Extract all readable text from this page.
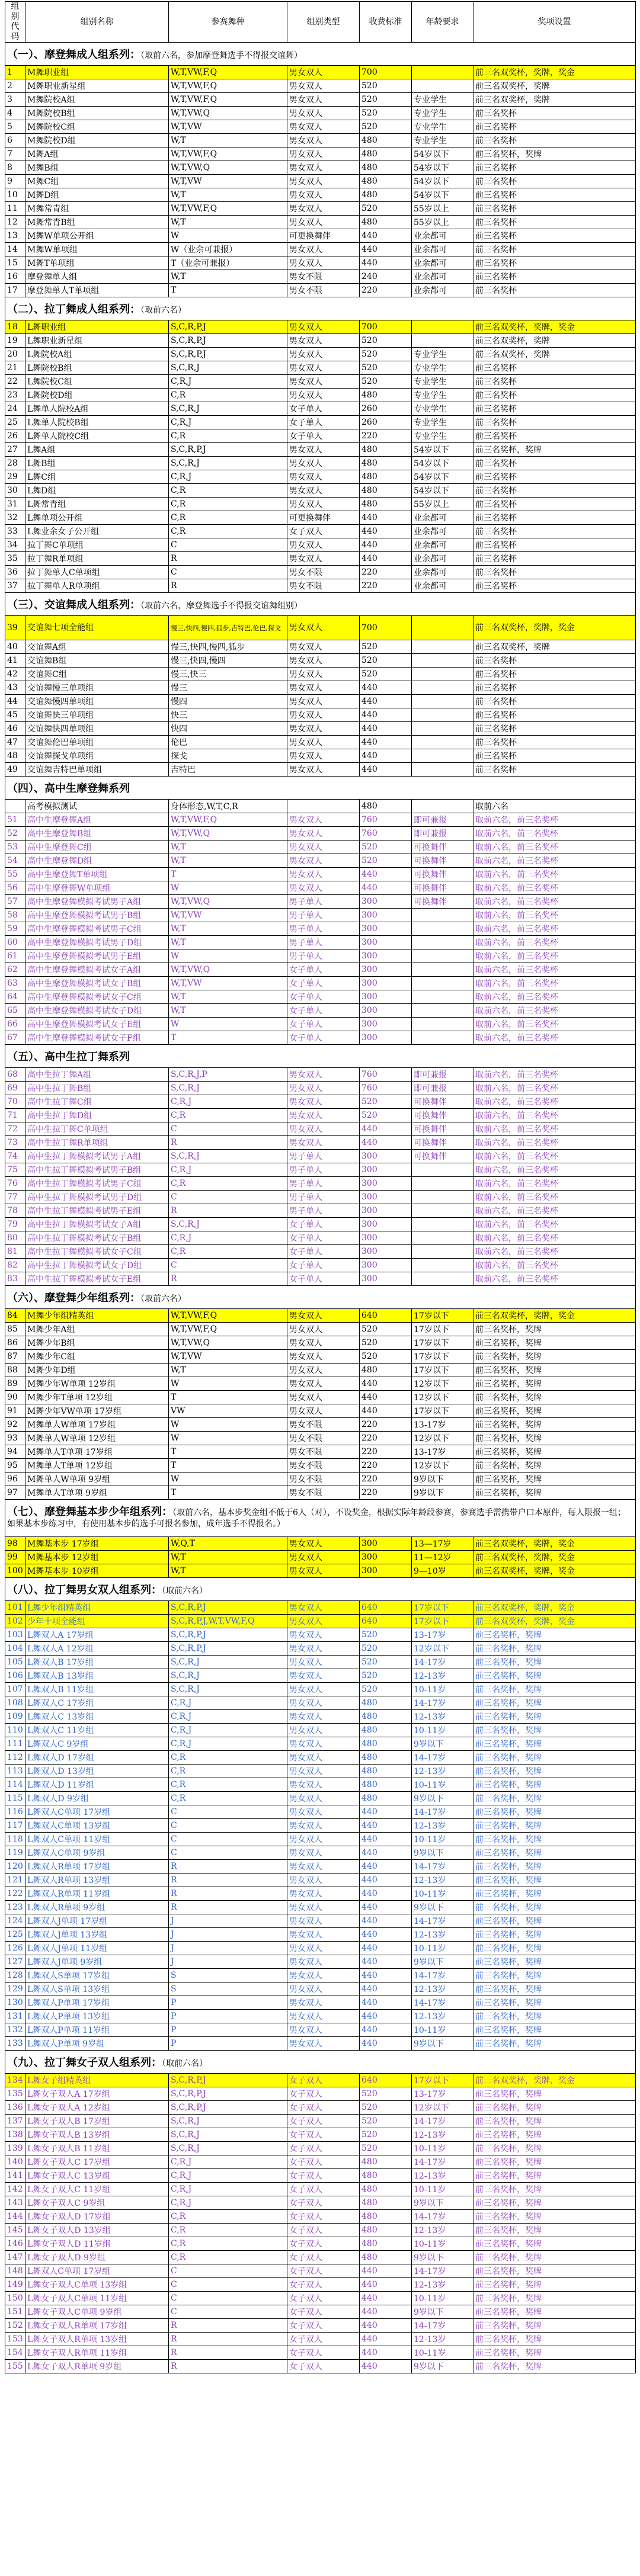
组别代码	组别名称	参赛舞种	组别类型	收费标准	年龄要求	奖项设置
（一）、摩登舞成人组系列：（取前六名，参加摩登舞选手不得报交谊舞）						
1	M舞职业组	W,T,VW,F,Q	男女双人	700		前三名双奖杯，奖牌，奖金
2	M舞职业新星组	W,T,VW,F,Q	男女双人	520		前三名双奖杯，奖牌
3	M舞院校A组	W,T,VW,F,Q	男女双人	520	专业学生	前三名双奖杯，奖牌
4	M舞院校B组	W,T,VW,Q	男女双人	520	专业学生	前三名奖杯
5	M舞院校C组	W,T,VW	男女双人	520	专业学生	前三名奖杯
6	M舞院校D组	W,T	男女双人	480	专业学生	前三名奖杯
7	M舞A组	W,T,VW,F,Q	男女双人	480	54岁以下	前三名奖杯，奖牌
8	M舞B组	W,T,VW,Q	男女双人	480	54岁以下	前三名奖杯
9	M舞C组	W,T,VW	男女双人	480	54岁以下	前三名奖杯
10	M舞D组	W,T	男女双人	480	54岁以下	前三名奖杯
11	M舞常青组	W,T,VW,F,Q	男女双人	520	55岁以上	前三名奖杯
12	M舞常青B组	W,T	男女双人	480	55岁以上	前三名奖杯
13	M舞W单项公开组	W	可更换舞伴	440	业余都可	前三名奖杯
14	M舞W单项组	W（业余可兼报）	男女双人	440	业余都可	前三名奖杯
15	M舞T单项组	T（业余可兼报）	男女双人	440	业余都可	前三名奖杯
16	摩登舞单人组	W,T	男女不限	240	业余都可	前三名奖杯
17	摩登舞单人T单项组	T	男女不限	220	业余都可	前三名奖杯
（二）、拉丁舞成人组系列：（取前六名）						
18	L舞职业组	S,C,R,P,J	男女双人	700		前三名双奖杯，奖牌，奖金
19	L舞职业新星组	S,C,R,P,J	男女双人	520		前三名双奖杯，奖牌
20	L舞院校A组	S,C,R,P,J	男女双人	520	专业学生	前三名双奖杯，奖牌
21	L舞院校B组	S,C,R,J	男女双人	520	专业学生	前三名奖杯
22	L舞院校C组	C,R,J	男女双人	520	专业学生	前三名奖杯
23	L舞院校D组	C,R	男女双人	480	专业学生	前三名奖杯
24	L舞单人院校A组	S,C,R,J	女子单人	260	专业学生	前三名奖杯
25	L舞单人院校B组	C,R,J	女子单人	260	专业学生	前三名奖杯
26	L舞单人院校C组	C,R	女子单人	220	专业学生	前三名奖杯
27	L舞A组	S,C,R,P,J	男女双人	480	54岁以下	前三名奖杯，奖牌
28	L舞B组	S,C,R,J	男女双人	480	54岁以下	前三名奖杯
29	L舞C组	C,R,J	男女双人	480	54岁以下	前三名奖杯
30	L舞D组	C,R	男女双人	480	54岁以下	前三名奖杯
31	L舞常青组	C,R	男女双人	480	55岁以上	前三名奖杯
32	L舞单项公开组	C,R	可更换舞伴	440	业余都可	前三名奖杯
33	L舞业余女子公开组	C,R	女子双人	440	业余都可	前三名奖杯
34	拉丁舞C单项组	C	男女双人	440	业余都可	前三名奖杯
35	拉丁舞R单项组	R	男女双人	440	业余都可	前三名奖杯
36	拉丁舞单人C单项组	C	男女不限	220	业余都可	前三名奖杯
37	拉丁舞单人R单项组	R	男女不限	220	业余都可	前三名奖杯
（三）、交谊舞成人组系列：（取前六名，摩登舞选手不得报交谊舞组别）						
39	交谊舞七项全能组	慢三,快四,慢四,狐步,吉特巴,伦巴,探戈	男女双人	700		前三名双奖杯，奖牌，奖金
40	交谊舞A组	慢三,快四,慢四,狐步	男女双人	520		前三名双奖杯，奖牌
41	交谊舞B组	慢三,快四,慢四	男女双人	520		前三名奖杯
42	交谊舞C组	慢三,快三	男女双人	520		前三名奖杯
43	交谊舞慢三单项组	慢三	男女双人	440		前三名奖杯
44	交谊舞慢四单项组	慢四	男女双人	440		前三名奖杯
45	交谊舞快三单项组	快三	男女双人	440		前三名奖杯
46	交谊舞快四单项组	快四	男女双人	440		前三名奖杯
47	交谊舞伦巴单项组	伦巴	男女双人	440		前三名奖杯
48	交谊舞探戈单项组	探戈	男女双人	440		前三名奖杯
49	交谊舞吉特巴单项组	吉特巴	男女双人	440		前三名奖杯
（四）、高中生摩登舞系列						
	高考模拟测试	身体形态,W,T,C,R		480		取前六名
51	高中生摩登舞A组	W,T,VW,F,Q	男女双人	760	即可兼报	取前六名，前三名奖杯
52	高中生摩登舞B组	W,T,VW,Q	男女双人	760	即可兼报	取前六名，前三名奖杯
53	高中生摩登舞C组	W,T	男女双人	520	可换舞伴	取前六名，前三名奖杯
54	高中生摩登舞D组	W,T	男女双人	520	可换舞伴	取前六名，前三名奖杯
55	高中生摩登舞T单项组	T	男女双人	440	可换舞伴	取前六名，前三名奖杯
56	高中生摩登舞W单项组	W	男女双人	440	可换舞伴	取前六名，前三名奖杯
57	高中生摩登舞模拟考试男子A组	W,T,VW,Q	男子单人	300	可换舞伴	取前六名，前三名奖杯
58	高中生摩登舞模拟考试男子B组	W,T,VW	男子单人	300		取前六名，前三名奖杯
59	高中生摩登舞模拟考试男子C组	W,T	男子单人	300		取前六名，前三名奖杯
60	高中生摩登舞模拟考试男子D组	W,T	男子单人	300		取前六名，前三名奖杯
61	高中生摩登舞模拟考试男子E组	W	男子单人	300		取前六名，前三名奖杯
62	高中生摩登舞模拟考试女子A组	W,T,VW,Q	女子单人	300		取前六名，前三名奖杯
63	高中生摩登舞模拟考试女子B组	W,T,VW	女子单人	300		取前六名，前三名奖杯
64	高中生摩登舞模拟考试女子C组	W,T	女子单人	300		取前六名，前三名奖杯
65	高中生摩登舞模拟考试女子D组	W,T	女子单人	300		取前六名，前三名奖杯
66	高中生摩登舞模拟考试女子E组	W	女子单人	300		取前六名，前三名奖杯
67	高中生摩登舞模拟考试女子F组	T	女子单人	300		取前六名，前三名奖杯
（五）、高中生拉丁舞系列						
68	高中生拉丁舞A组	S,C,R,J,P	男女双人	760	即可兼报	取前六名，前三名奖杯
69	高中生拉丁舞B组	S,C,R,J	男女双人	760	即可兼报	取前六名，前三名奖杯
70	高中生拉丁舞C组	C,R,J	男女双人	520	可换舞伴	取前六名，前三名奖杯
71	高中生拉丁舞D组	C,R	男女双人	520	可换舞伴	取前六名，前三名奖杯
72	高中生拉丁舞C单项组	C	男女双人	440	可换舞伴	取前六名，前三名奖杯
73	高中生拉丁舞R单项组	R	男女双人	440	可换舞伴	取前六名，前三名奖杯
74	高中生拉丁舞模拟考试男子A组	S,C,R,J	男子单人	300	可换舞伴	取前六名，前三名奖杯
75	高中生拉丁舞模拟考试男子B组	C,R,J	男子单人	300		取前六名，前三名奖杯
76	高中生拉丁舞模拟考试男子C组	C,R	男子单人	300		取前六名，前三名奖杯
77	高中生拉丁舞模拟考试男子D组	C	男子单人	300		取前六名，前三名奖杯
78	高中生拉丁舞模拟考试男子E组	R	男子单人	300		取前六名，前三名奖杯
79	高中生拉丁舞模拟考试女子A组	S,C,R,J	女子单人	300		取前六名，前三名奖杯
80	高中生拉丁舞模拟考试女子B组	C,R,J	女子单人	300		取前六名，前三名奖杯
81	高中生拉丁舞模拟考试女子C组	C,R	女子单人	300		取前六名，前三名奖杯
82	高中生拉丁舞模拟考试女子D组	C	女子单人	300		取前六名，前三名奖杯
83	高中生拉丁舞模拟考试女子E组	R	女子单人	300		取前六名，前三名奖杯
（六）、摩登舞少年组系列：（取前六名）						
84	M舞少年组精英组	W,T,VW,F,Q	男女双人	640	17岁以下	前三名双奖杯，奖牌，奖金
85	M舞少年A组	W,T,VW,F,Q	男女双人	520	17岁以下	前三名奖杯，奖牌
86	M舞少年B组	W,T,VW,Q	男女双人	520	17岁以下	前三名奖杯，奖牌
87	M舞少年C组	W,T,VW	男女双人	520	17岁以下	前三名奖杯，奖牌
88	M舞少年D组	W,T	男女双人	480	17岁以下	前三名奖杯，奖牌
89	M舞少年W单项 12岁组	W	男女双人	440	12岁以下	前三名奖杯，奖牌
90	M舞少年T单项 12岁组	T	男女双人	440	12岁以下	前三名奖杯，奖牌
91	M舞少年VW单项 17岁组	VW	男女双人	440	17岁以下	前三名奖杯，奖牌
92	M舞单人W单项 17岁组	W	男女不限	220	13-17岁	前三名奖杯，奖牌
93	M舞单人W单项 12岁组	W	男女不限	220	12岁以下	前三名奖杯，奖牌
94	M舞单人T单项 17岁组	T	男女不限	220	13-17岁	前三名奖杯，奖牌
95	M舞单人T单项 12岁组	T	男女不限	220	12岁以下	前三名奖杯，奖牌
96	M舞单人W单项 9岁组	W	男女不限	220	9岁以下	前三名奖杯，奖牌
97	M舞单人T单项 9岁组	T	男女不限	220	9岁以下	前三名奖杯，奖牌
（七）、摩登舞基本步少年组系列：（取前六名，基本步奖金组不低于6人（对），不设奖金，根据实际年龄段参赛，参赛选手需携带户口本原件，每人限报一组；如果基本步练习中，有使用基本步的选手可报名参加，成年选手不得报名。）						
98	M舞基本步 17岁组	W,Q,T	男女双人	300	13—17岁	前三名双奖杯，奖牌，奖金
99	M舞基本步 12岁组	W,T	男女双人	300	11—12岁	前三名双奖杯，奖牌，奖金
100	M舞基本步 10岁组	W,T	男女双人	300	9—10岁	前三名双奖杯，奖牌，奖金
（八）、拉丁舞男女双人组系列：（取前六名）						
101	L舞少年组精英组	S,C,R,P,J	男女双人	640	17岁以下	前三名双奖杯，奖牌，奖金
102	少年十项全能组	S,C,R,P,J,W,T,VW,F,Q	男女双人	640	17岁以下	前三名双奖杯，奖牌，奖金
103	L舞双人A 17岁组	S,C,R,P,J	男女双人	520	13-17岁	前三名奖杯，奖牌
104	L舞双人A 12岁组	S,C,R,P,J	男女双人	520	12岁以下	前三名奖杯，奖牌
105	L舞双人B 17岁组	S,C,R,J	男女双人	520	14-17岁	前三名奖杯，奖牌
106	L舞双人B 13岁组	S,C,R,J	男女双人	520	12-13岁	前三名奖杯，奖牌
107	L舞双人B 11岁组	S,C,R,J	男女双人	520	10-11岁	前三名奖杯，奖牌
108	L舞双人C 17岁组	C,R,J	男女双人	480	14-17岁	前三名奖杯，奖牌
109	L舞双人C 13岁组	C,R,J	男女双人	480	12-13岁	前三名奖杯，奖牌
110	L舞双人C 11岁组	C,R,J	男女双人	480	10-11岁	前三名奖杯，奖牌
111	L舞双人C 9岁组	C,R,J	男女双人	480	9岁以下	前三名奖杯，奖牌
112	L舞双人D 17岁组	C,R	男女双人	480	14-17岁	前三名奖杯，奖牌
113	L舞双人D 13岁组	C,R	男女双人	480	12-13岁	前三名奖杯，奖牌
114	L舞双人D 11岁组	C,R	男女双人	480	10-11岁	前三名奖杯，奖牌
115	L舞双人D 9岁组	C,R	男女双人	480	9岁以下	前三名奖杯，奖牌
116	L舞双人C单项 17岁组	C	男女双人	440	14-17岁	前三名奖杯，奖牌
117	L舞双人C单项 13岁组	C	男女双人	440	12-13岁	前三名奖杯，奖牌
118	L舞双人C单项 11岁组	C	男女双人	440	10-11岁	前三名奖杯，奖牌
119	L舞双人C单项 9岁组	C	男女双人	440	9岁以下	前三名奖杯，奖牌
120	L舞双人R单项 17岁组	R	男女双人	440	14-17岁	前三名奖杯，奖牌
121	L舞双人R单项 13岁组	R	男女双人	440	12-13岁	前三名奖杯，奖牌
122	L舞双人R单项 11岁组	R	男女双人	440	10-11岁	前三名奖杯，奖牌
123	L舞双人R单项 9岁组	R	男女双人	440	9岁以下	前三名奖杯，奖牌
124	L舞双人J单项 17岁组	J	男女双人	440	14-17岁	前三名奖杯，奖牌
125	L舞双人J单项 13岁组	J	男女双人	440	12-13岁	前三名奖杯，奖牌
126	L舞双人J单项 11岁组	J	男女双人	440	10-11岁	前三名奖杯，奖牌
127	L舞双人J单项 9岁组	J	男女双人	440	9岁以下	前三名奖杯，奖牌
128	L舞双人S单项 17岁组	S	男女双人	440	14-17岁	前三名奖杯，奖牌
129	L舞双人S单项 13岁组	S	男女双人	440	12-13岁	前三名奖杯，奖牌
130	L舞双人P单项 17岁组	P	男女双人	440	14-17岁	前三名奖杯，奖牌
131	L舞双人P单项 13岁组	P	男女双人	440	12-13岁	前三名奖杯，奖牌
132	L舞双人P单项 11岁组	P	男女双人	440	10-11岁	前三名奖杯，奖牌
133	L舞双人P单项 9岁组	P	男女双人	440	9岁以下	前三名奖杯，奖牌
（九）、拉丁舞女子双人组系列：（取前六名）						
134	L舞女子组精英组	S,C,R,P,J	女子双人	640	17岁以下	前三名双奖杯，奖牌，奖金
135	L舞女子双人A 17岁组	S,C,R,P,J	女子双人	520	13-17岁	前三名奖杯，奖牌
136	L舞女子双人A 12岁组	S,C,R,P,J	女子双人	520	12岁以下	前三名奖杯，奖牌
137	L舞女子双人B 17岁组	S,C,R,J	女子双人	520	14-17岁	前三名奖杯，奖牌
138	L舞女子双人B 13岁组	S,C,R,J	女子双人	520	12-13岁	前三名奖杯，奖牌
139	L舞女子双人B 11岁组	S,C,R,J	女子双人	520	10-11岁	前三名奖杯，奖牌
140	L舞女子双人C 17岁组	C,R,J	女子双人	480	14-17岁	前三名奖杯，奖牌
141	L舞女子双人C 13岁组	C,R,J	女子双人	480	12-13岁	前三名奖杯，奖牌
142	L舞女子双人C 11岁组	C,R,J	女子双人	480	10-11岁	前三名奖杯，奖牌
143	L舞女子双人C 9岁组	C,R,J	女子双人	480	9岁以下	前三名奖杯，奖牌
144	L舞女子双人D 17岁组	C,R	女子双人	480	14-17岁	前三名奖杯，奖牌
145	L舞女子双人D 13岁组	C,R	女子双人	480	12-13岁	前三名奖杯，奖牌
146	L舞女子双人D 11岁组	C,R	女子双人	480	10-11岁	前三名奖杯，奖牌
147	L舞女子双人D 9岁组	C,R	女子双人	480	9岁以下	前三名奖杯，奖牌
148	L舞双人C单项 17岁组	C	女子双人	440	14-17岁	前三名奖杯，奖牌
149	L舞女子双人C单项 13岁组	C	女子双人	440	12-13岁	前三名奖杯，奖牌
150	L舞女子双人C单项 11岁组	C	女子双人	440	10-11岁	前三名奖杯，奖牌
151	L舞女子双人C单项 9岁组	C	女子双人	440	9岁以下	前三名奖杯，奖牌
152	L舞女子双人R单项 17岁组	R	女子双人	440	14-17岁	前三名奖杯，奖牌
153	L舞女子双人R单项 13岁组	R	女子双人	440	12-13岁	前三名奖杯，奖牌
154	L舞女子双人R单项 11岁组	R	女子双人	440	10-11岁	前三名奖杯，奖牌
155	L舞女子双人R单项 9岁组	R	女子双人	440	9岁以下	前三名奖杯，奖牌
